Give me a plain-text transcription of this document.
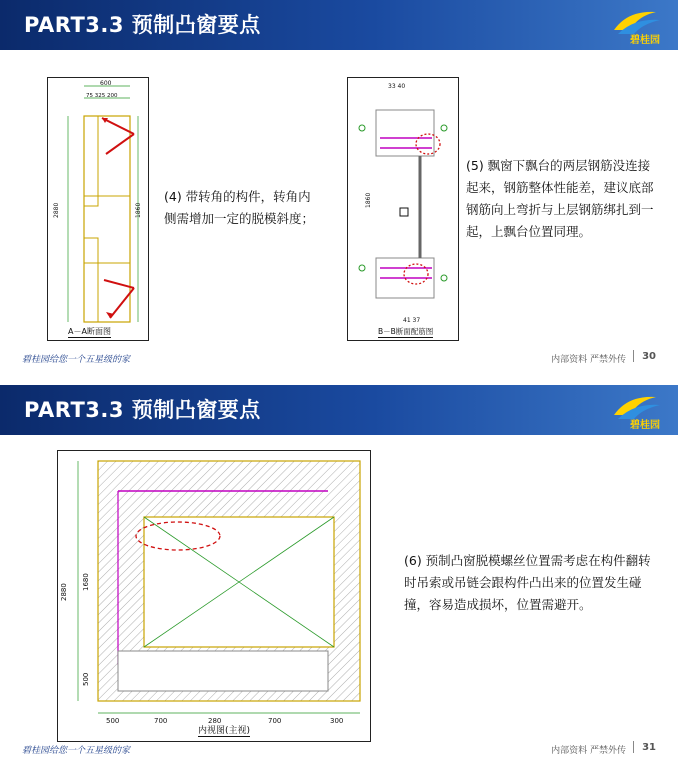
PART3.3 预制凸窗要点
碧桂园
600
75 325 200
2880	1860
A－A断面图
(4) 带转角的构件，转角内侧需增加一定的脱模斜度；
1860
33 40
41 37
B－B断面配筋图
(5) 飘窗下飘台的两层钢筋没连接起来，钢筋整体性能差，建议底部钢筋向上弯折与上层钢筋绑扎到一起，上飘台位置同理。
碧桂园给您一个五星级的家	内部资料 严禁外传 30
PART3.3 预制凸窗要点
碧桂园
500	700	280	700	300
2880
1680
500
内视图(主视)
(6) 预制凸窗脱模螺丝位置需考虑在构件翻转时吊索或吊链会跟构件凸出来的位置发生碰撞，容易造成损坏，位置需避开。
碧桂园给您一个五星级的家	内部资料 严禁外传 31
